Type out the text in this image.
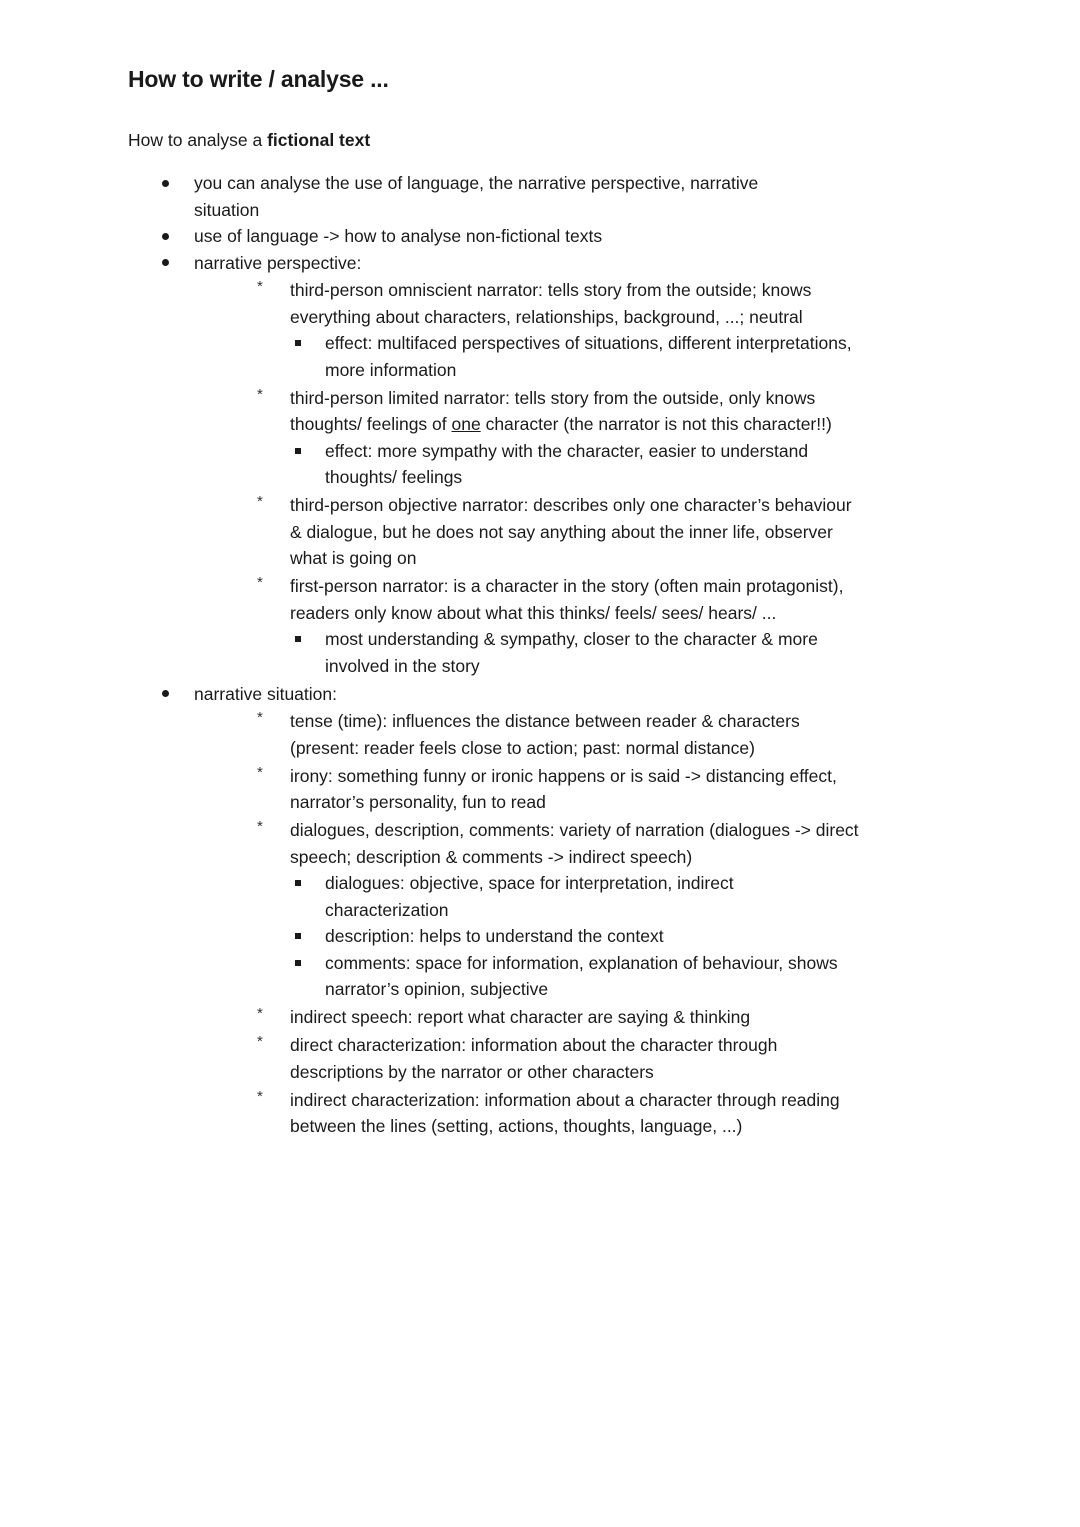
How to write / analyse ...

How to analyse a fictional text

you can analyse the use of language, the narrative perspective, narrative situation
use of language -> how to analyse non-fictional texts
narrative perspective:
* third-person omniscient narrator: tells story from the outside; knows everything about characters, relationships, background, ...; neutral
effect: multifaced perspectives of situations, different interpretations, more information
* third-person limited narrator: tells story from the outside, only knows thoughts/ feelings of one character (the narrator is not this character!!)
effect: more sympathy with the character, easier to understand thoughts/ feelings
* third-person objective narrator: describes only one character’s behaviour & dialogue, but he does not say anything about the inner life, observer what is going on
* first-person narrator: is a character in the story (often main protagonist), readers only know about what this thinks/ feels/ sees/ hears/ ...
most understanding & sympathy, closer to the character & more involved in the story
narrative situation:
* tense (time): influences the distance between reader & characters (present: reader feels close to action; past: normal distance)
* irony: something funny or ironic happens or is said -> distancing effect, narrator’s personality, fun to read
* dialogues, description, comments: variety of narration (dialogues -> direct speech; description & comments -> indirect speech)
dialogues: objective, space for interpretation, indirect characterization
description: helps to understand the context
comments: space for information, explanation of behaviour, shows narrator’s opinion, subjective
* indirect speech: report what character are saying & thinking
* direct characterization: information about the character through descriptions by the narrator or other characters
* indirect characterization: information about a character through reading between the lines (setting, actions, thoughts, language, ...)
